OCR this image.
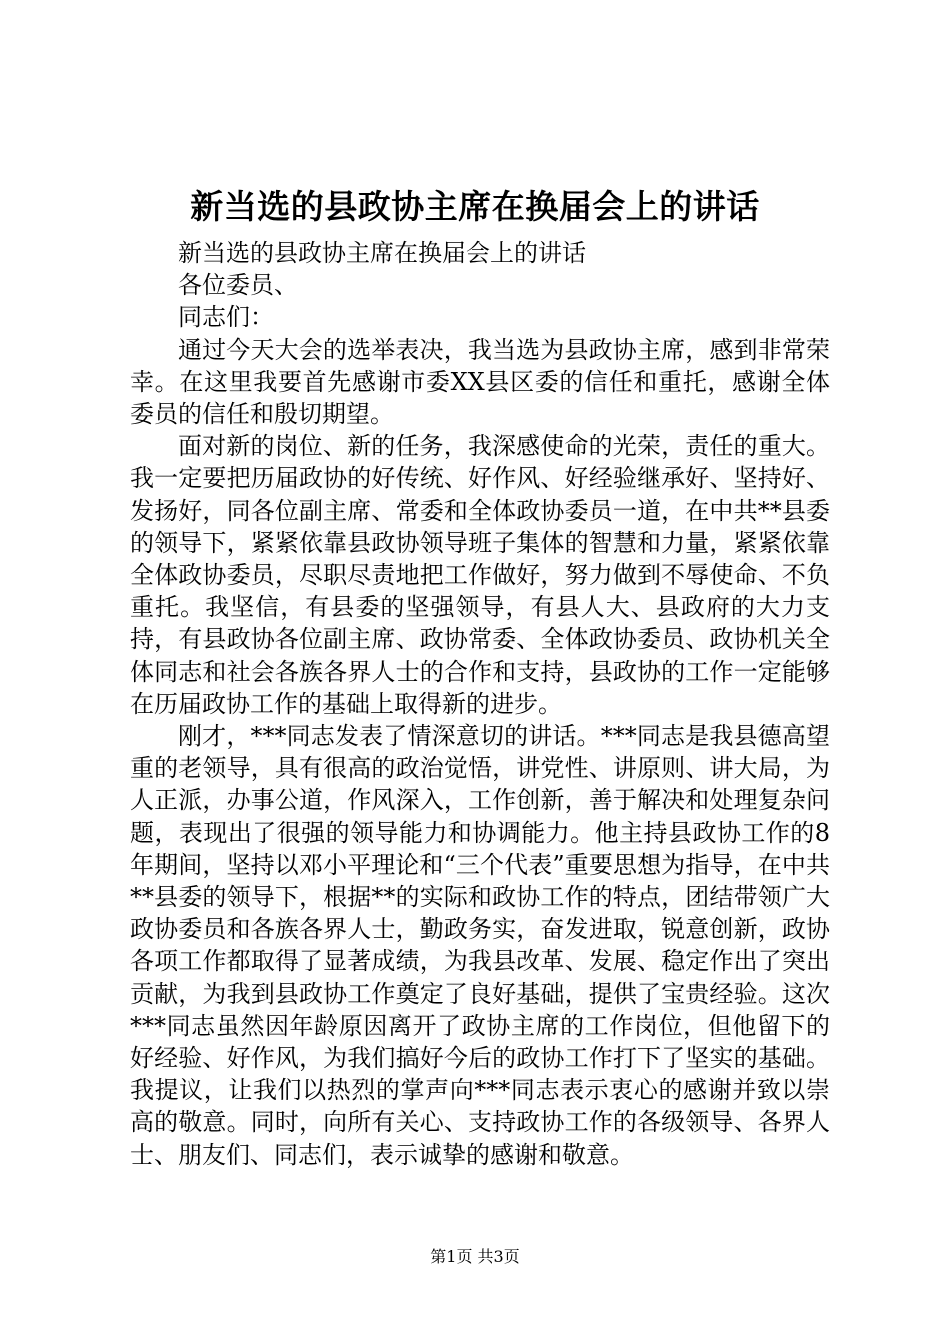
新当选的县政协主席在换届会上的讲话

新当选的县政协主席在换届会上的讲话

各位委员、

同志们：

通过今天大会的选举表决，我当选为县政协主席，感到非常荣幸。在这里我要首先感谢市委XX县区委的信任和重托，感谢全体委员的信任和殷切期望。

面对新的岗位、新的任务，我深感使命的光荣，责任的重大。我一定要把历届政协的好传统、好作风、好经验继承好、坚持好、发扬好，同各位副主席、常委和全体政协委员一道，在中共**县委的领导下，紧紧依靠县政协领导班子集体的智慧和力量，紧紧依靠全体政协委员，尽职尽责地把工作做好，努力做到不辱使命、不负重托。我坚信，有县委的坚强领导，有县人大、县政府的大力支持，有县政协各位副主席、政协常委、全体政协委员、政协机关全体同志和社会各族各界人士的合作和支持，县政协的工作一定能够在历届政协工作的基础上取得新的进步。

刚才，***同志发表了情深意切的讲话。***同志是我县德高望重的老领导，具有很高的政治觉悟，讲党性、讲原则、讲大局，为人正派，办事公道，作风深入，工作创新，善于解决和处理复杂问题，表现出了很强的领导能力和协调能力。他主持县政协工作的8年期间，坚持以邓小平理论和“三个代表”重要思想为指导，在中共**县委的领导下，根据**的实际和政协工作的特点，团结带领广大政协委员和各族各界人士，勤政务实，奋发进取，锐意创新，政协各项工作都取得了显著成绩，为我县改革、发展、稳定作出了突出贡献，为我到县政协工作奠定了良好基础，提供了宝贵经验。这次***同志虽然因年龄原因离开了政协主席的工作岗位，但他留下的好经验、好作风，为我们搞好今后的政协工作打下了坚实的基础。我提议，让我们以热烈的掌声向***同志表示衷心的感谢并致以崇高的敬意。同时，向所有关心、支持政协工作的各级领导、各界人士、朋友们、同志们，表示诚挚的感谢和敬意。

第1页 共3页
